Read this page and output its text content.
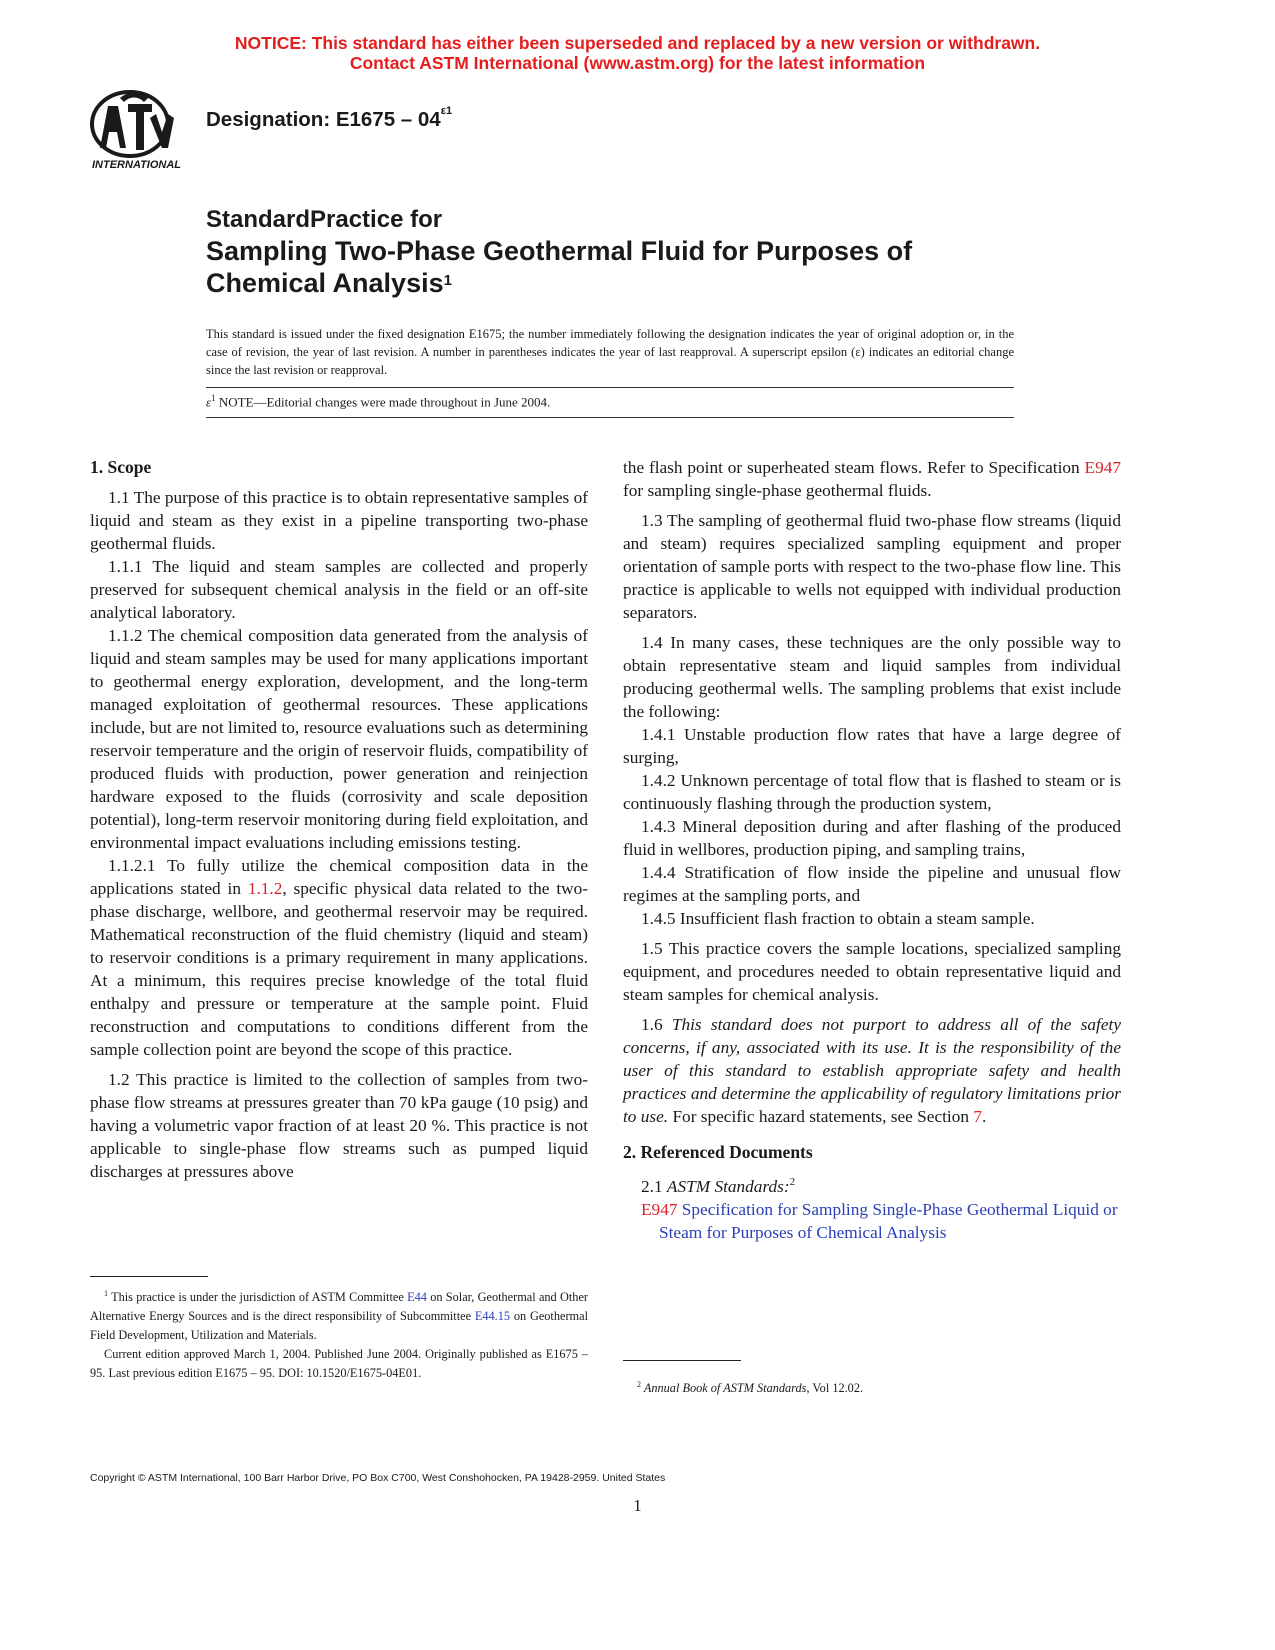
NOTICE: This standard has either been superseded and replaced by a new version or withdrawn.
Contact ASTM International (www.astm.org) for the latest information
INTERNATIONAL
Designation: $E1675 - 04^{\varepsilon 1}$
StandardPractice for
Sampling Two-Phase Geothermal Fluid for Purposes of
Chemical Analysis$^1$
This standard is issued under the fixed designation E1675; the number immediately following the designation indicates the year of original adoption or, in the case of revision, the year of last revision. A number in parentheses indicates the year of last reapproval. A superscript epsilon (ε) indicates an editorial change since the last revision or reapproval.
$\varepsilon^1$ NOTE—Editorial changes were made throughout in June 2004.
1. Scope

1.1 The purpose of this practice is to obtain representative samples of liquid and steam as they exist in a pipeline transporting two-phase geothermal fluids.

1.1.1 The liquid and steam samples are collected and properly preserved for subsequent chemical analysis in the field or an off-site analytical laboratory.

1.1.2 The chemical composition data generated from the analysis of liquid and steam samples may be used for many applications important to geothermal energy exploration, development, and the long-term managed exploitation of geothermal resources. These applications include, but are not limited to, resource evaluations such as determining reservoir temperature and the origin of reservoir fluids, compatibility of produced fluids with production, power generation and reinjection hardware exposed to the fluids (corrosivity and scale deposition potential), long-term reservoir monitoring during field exploitation, and environmental impact evaluations including emissions testing.

1.1.2.1 To fully utilize the chemical composition data in the applications stated in 1.1.2, specific physical data related to the two-phase discharge, wellbore, and geothermal reservoir may be required. Mathematical reconstruction of the fluid chemistry (liquid and steam) to reservoir conditions is a primary requirement in many applications. At a minimum, this requires precise knowledge of the total fluid enthalpy and pressure or temperature at the sample point. Fluid reconstruction and computations to conditions different from the sample collection point are beyond the scope of this practice.

1.2 This practice is limited to the collection of samples from two-phase flow streams at pressures greater than 70 kPa gauge (10 psig) and having a volumetric vapor fraction of at least 20 %. This practice is not applicable to single-phase flow streams such as pumped liquid discharges at pressures above

the flash point or superheated steam flows. Refer to Specification E947 for sampling single-phase geothermal fluids.

1.3 The sampling of geothermal fluid two-phase flow streams (liquid and steam) requires specialized sampling equipment and proper orientation of sample ports with respect to the two-phase flow line. This practice is applicable to wells not equipped with individual production separators.

1.4 In many cases, these techniques are the only possible way to obtain representative steam and liquid samples from individual producing geothermal wells. The sampling problems that exist include the following:

1.4.1 Unstable production flow rates that have a large degree of surging,

1.4.2 Unknown percentage of total flow that is flashed to steam or is continuously flashing through the production system,

1.4.3 Mineral deposition during and after flashing of the produced fluid in wellbores, production piping, and sampling trains,

1.4.4 Stratification of flow inside the pipeline and unusual flow regimes at the sampling ports, and

1.4.5 Insufficient flash fraction to obtain a steam sample.

1.5 This practice covers the sample locations, specialized sampling equipment, and procedures needed to obtain representative liquid and steam samples for chemical analysis.

1.6 This standard does not purport to address all of the safety concerns, if any, associated with its use. It is the responsibility of the user of this standard to establish appropriate safety and health practices and determine the applicability of regulatory limitations prior to use. For specific hazard statements, see Section 7.

2. Referenced Documents

2.1 ASTM Standards:$^2$

E947 Specification for Sampling Single-Phase Geothermal Liquid or Steam for Purposes of Chemical Analysis

$^1$ This practice is under the jurisdiction of ASTM Committee E44 on Solar, Geothermal and Other Alternative Energy Sources and is the direct responsibility of Subcommittee E44.15 on Geothermal Field Development, Utilization and Materials.

Current edition approved March 1, 2004. Published June 2004. Originally published as E1675 – 95. Last previous edition E1675 – 95. DOI: 10.1520/E1675-04E01.

$^2$ Annual Book of ASTM Standards, Vol 12.02.

Copyright © ASTM International, 100 Barr Harbor Drive, PO Box C700, West Conshohocken, PA 19428-2959. United States
1
